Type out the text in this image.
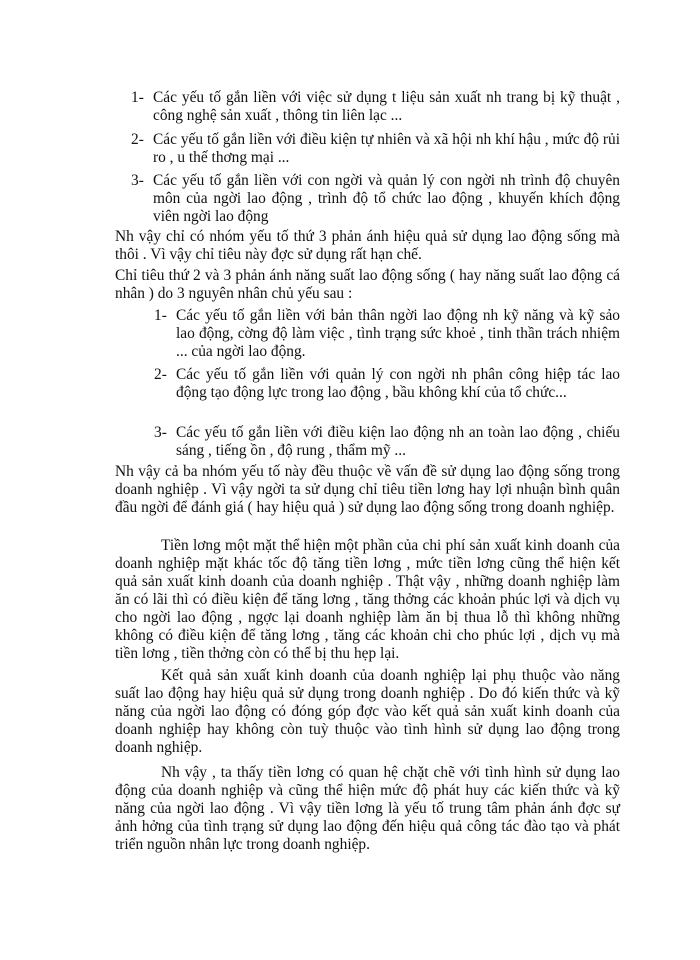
1- Các yếu tố gắn liền với việc sử dụng t liệu sản xuất nh trang bị kỹ thuật , công nghệ sản xuất , thông tin liên lạc ...
2- Các yếu tố gắn liền với điều kiện tự nhiên và xã hội nh khí hậu , mức độ rủi ro , u thế thơng mại ...
3- Các yếu tố gắn liền với con ngời và quản lý con ngời nh trình độ chuyên môn của ngời lao động , trình độ tổ chức lao động , khuyến khích động viên ngời lao động
Nh vậy chỉ có nhóm yếu tố thứ 3 phản ánh hiệu quả sử dụng lao động sống mà thôi . Vì vậy chỉ tiêu này đợc sử dụng rất hạn chế.
Chỉ tiêu thứ 2 và 3 phản ánh năng suất lao động sống ( hay năng suất lao động cá nhân ) do 3 nguyên nhân chủ yếu sau :
1- Các yếu tố gắn liền với bản thân ngời lao động nh kỹ năng và kỹ sảo lao động, cờng độ làm việc , tình trạng sức khoẻ , tinh thần trách nhiệm ... của ngời lao động.
2- Các yếu tố gắn liền với quản lý con ngời nh phân công hiệp tác lao động tạo động lực trong lao động , bầu không khí của tổ chức...
3- Các yếu tố gắn liền với điều kiện lao động nh an toàn lao động , chiếu sáng , tiếng ồn , độ rung , thẩm mỹ ...
Nh vậy cả ba nhóm yếu tố này đều thuộc về vấn đề sử dụng lao động sống trong doanh nghiệp . Vì vậy ngời ta sử dụng chỉ tiêu tiền lơng hay lợi nhuận bình quân đầu ngời để đánh giá ( hay hiệu quả ) sử dụng lao động sống trong doanh nghiệp.
Tiền lơng một mặt thể hiện một phần của chi phí sản xuất kinh doanh của doanh nghiệp mặt khác tốc độ tăng tiền lơng , mức tiền lơng cũng thể hiện kết quả sản xuất kinh doanh của doanh nghiệp . Thật vậy , những doanh nghiệp làm ăn có lãi thì có điều kiện để tăng lơng , tăng thởng các khoản phúc lợi và dịch vụ cho ngời lao động , ngợc lại doanh nghiệp làm ăn bị thua lỗ thì không những không có điều kiện để tăng lơng , tăng các khoản chi cho phúc lợi , dịch vụ mà tiền lơng , tiền thởng còn có thể bị thu hẹp lại.
Kết quả sản xuất kinh doanh của doanh nghiệp lại phụ thuộc vào năng suất lao động hay hiệu quả sử dụng trong doanh nghiệp . Do đó kiến thức và kỹ năng của ngời lao động có đóng góp đợc vào kết quả sản xuất kinh doanh của doanh nghiệp hay không còn tuỳ thuộc vào tình hình sử dụng lao động trong doanh nghiệp.
Nh vậy , ta thấy tiền lơng có quan hệ chặt chẽ với tình hình sử dụng lao động của doanh nghiệp và cũng thể hiện mức độ phát huy các kiến thức và kỹ năng của ngời lao động . Vì vậy tiền lơng là yếu tố trung tâm phản ánh đợc sự ảnh hởng của tình trạng sử dụng lao động đến hiệu quả công tác đào tạo và phát triển nguồn nhân lực trong doanh nghiệp.
